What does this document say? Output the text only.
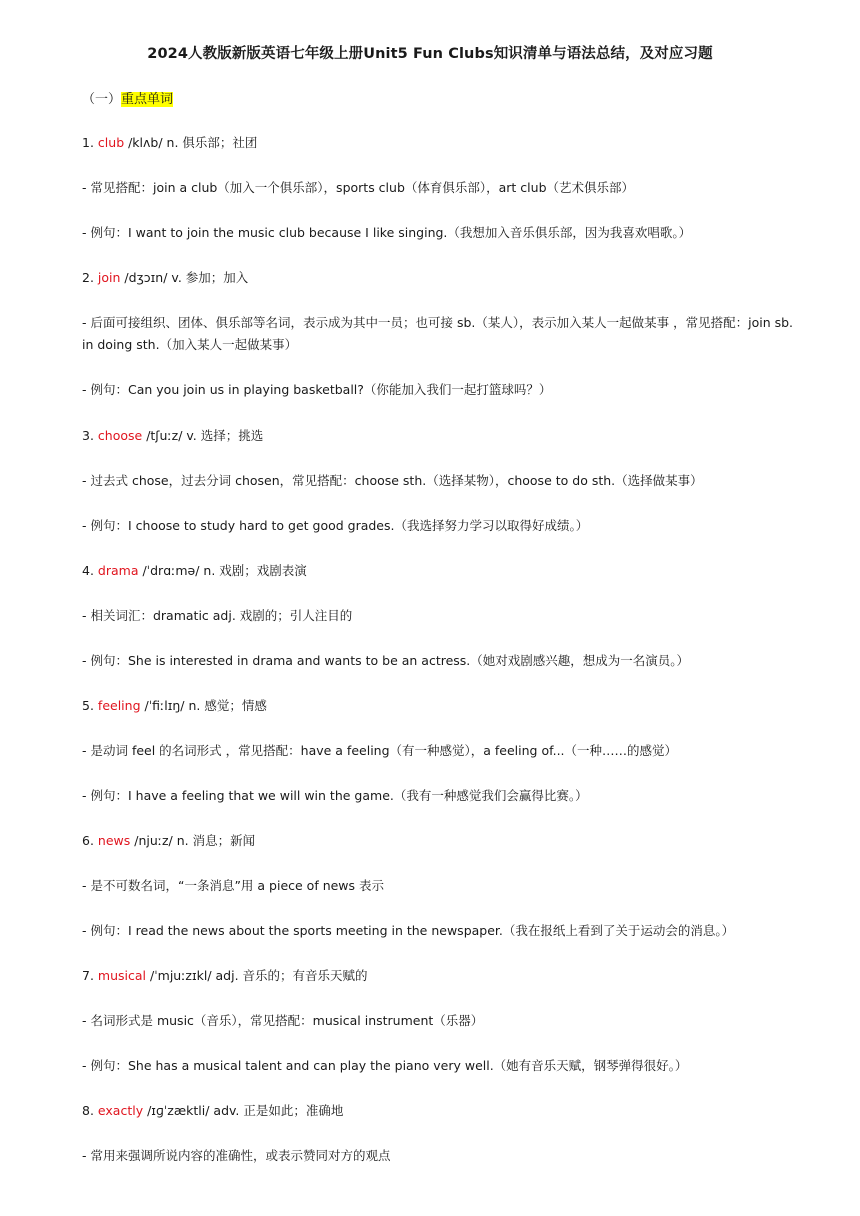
2024人教版新版英语七年级上册Unit5 Fun Clubs知识清单与语法总结，及对应习题
（一）重点单词
1. club /klʌb/ n. 俱乐部；社团
- 常见搭配：join a club（加入一个俱乐部），sports club（体育俱乐部），art club（艺术俱乐部）
- 例句：I want to join the music club because I like singing.（我想加入音乐俱乐部，因为我喜欢唱歌。）
2. join /dʒɔɪn/ v. 参加；加入
- 后面可接组织、团体、俱乐部等名词，表示成为其中一员；也可接 sb.（某人），表示加入某人一起做某事 ，常见搭配：join sb. in doing sth.（加入某人一起做某事）
- 例句：Can you join us in playing basketball?（你能加入我们一起打篮球吗？）
3. choose /tʃuːz/ v. 选择；挑选
- 过去式 chose，过去分词 chosen，常见搭配：choose sth.（选择某物），choose to do sth.（选择做某事）
- 例句：I choose to study hard to get good grades.（我选择努力学习以取得好成绩。）
4. drama /ˈdrɑːmə/ n. 戏剧；戏剧表演
- 相关词汇：dramatic adj. 戏剧的；引人注目的
- 例句：She is interested in drama and wants to be an actress.（她对戏剧感兴趣，想成为一名演员。）
5. feeling /ˈfiːlɪŋ/ n. 感觉；情感
- 是动词 feel 的名词形式 ，常见搭配：have a feeling（有一种感觉），a feeling of...（一种……的感觉）
- 例句：I have a feeling that we will win the game.（我有一种感觉我们会赢得比赛。）
6. news /njuːz/ n. 消息；新闻
- 是不可数名词，“一条消息”用 a piece of news 表示
- 例句：I read the news about the sports meeting in the newspaper.（我在报纸上看到了关于运动会的消息。）
7. musical /ˈmjuːzɪkl/ adj. 音乐的；有音乐天赋的
- 名词形式是 music（音乐），常见搭配：musical instrument（乐器）
- 例句：She has a musical talent and can play the piano very well.（她有音乐天赋，钢琴弹得很好。）
8. exactly /ɪɡˈzæktli/ adv. 正是如此；准确地
- 常用来强调所说内容的准确性，或表示赞同对方的观点
